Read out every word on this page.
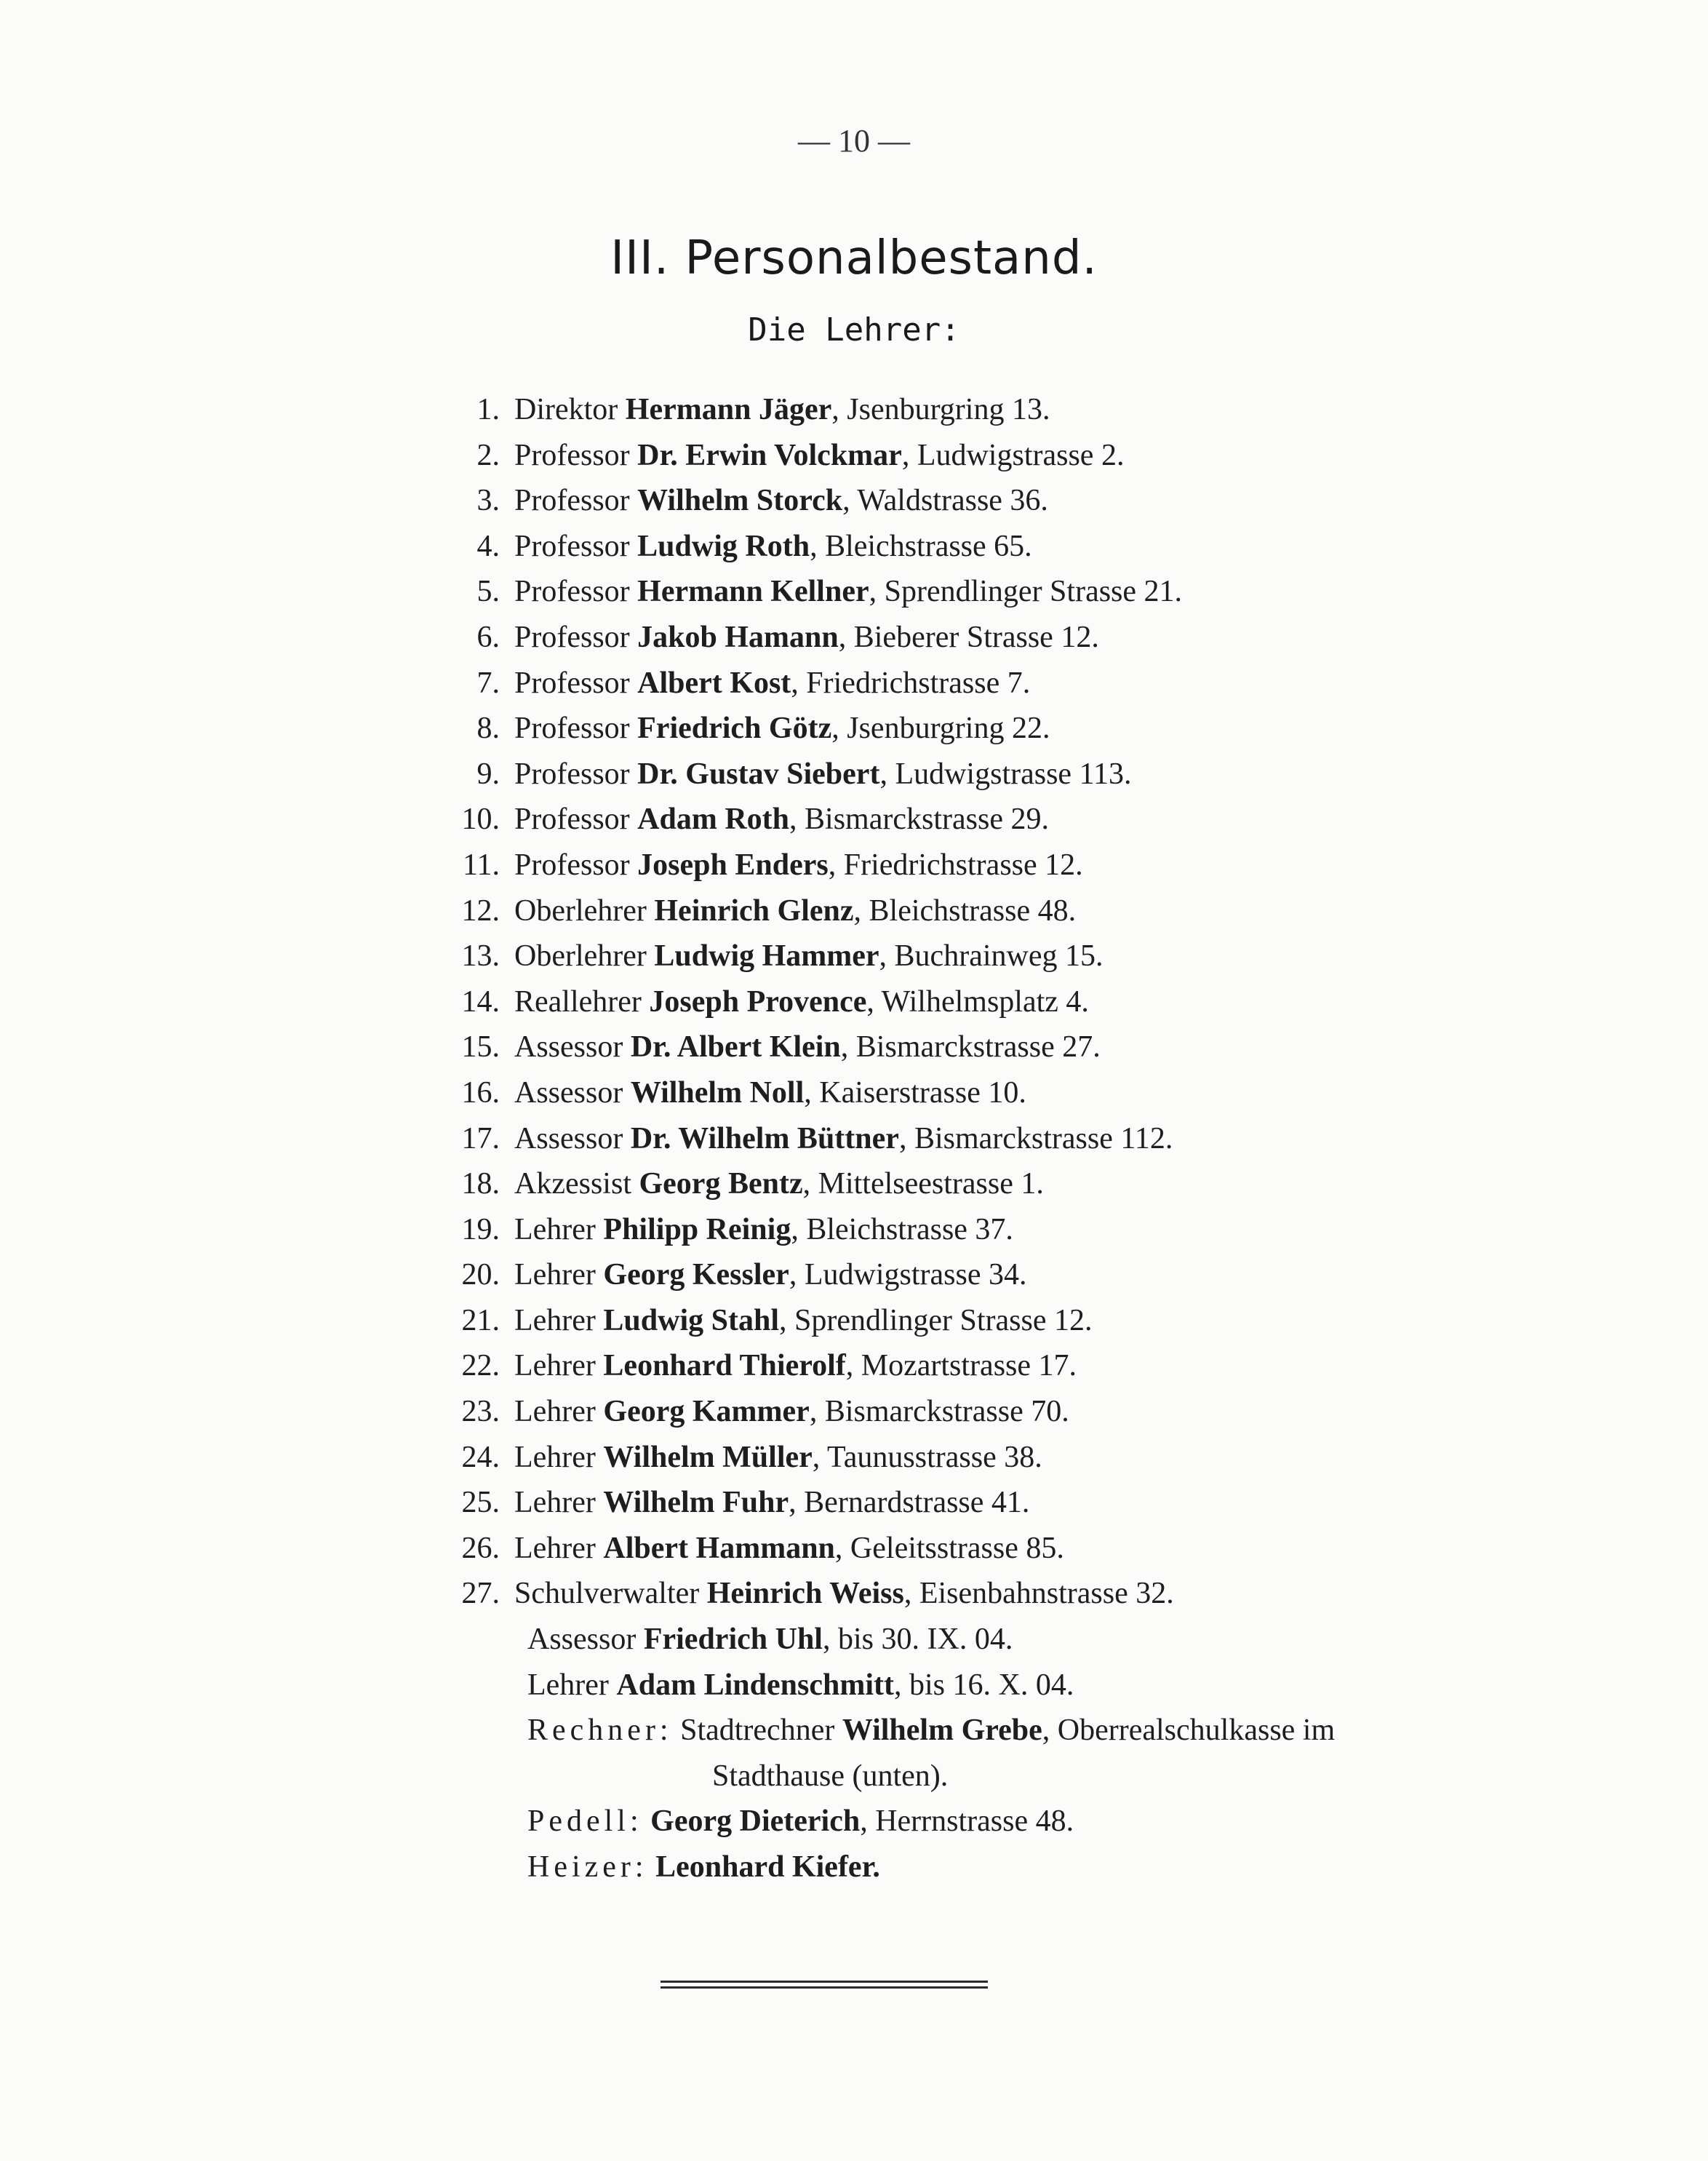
— 10 —
III. Personalbestand.
Die Lehrer:
1. Direktor Hermann Jäger, Jsenburgring 13.
2. Professor Dr. Erwin Volckmar, Ludwigstrasse 2.
3. Professor Wilhelm Storck, Waldstrasse 36.
4. Professor Ludwig Roth, Bleichstrasse 65.
5. Professor Hermann Kellner, Sprendlinger Strasse 21.
6. Professor Jakob Hamann, Bieberer Strasse 12.
7. Professor Albert Kost, Friedrichstrasse 7.
8. Professor Friedrich Götz, Jsenburgring 22.
9. Professor Dr. Gustav Siebert, Ludwigstrasse 113.
10. Professor Adam Roth, Bismarckstrasse 29.
11. Professor Joseph Enders, Friedrichstrasse 12.
12. Oberlehrer Heinrich Glenz, Bleichstrasse 48.
13. Oberlehrer Ludwig Hammer, Buchrainweg 15.
14. Reallehrer Joseph Provence, Wilhelmsplatz 4.
15. Assessor Dr. Albert Klein, Bismarckstrasse 27.
16. Assessor Wilhelm Noll, Kaiserstrasse 10.
17. Assessor Dr. Wilhelm Büttner, Bismarckstrasse 112.
18. Akzessist Georg Bentz, Mittelseestrasse 1.
19. Lehrer Philipp Reinig, Bleichstrasse 37.
20. Lehrer Georg Kessler, Ludwigstrasse 34.
21. Lehrer Ludwig Stahl, Sprendlinger Strasse 12.
22. Lehrer Leonhard Thierolf, Mozartstrasse 17.
23. Lehrer Georg Kammer, Bismarckstrasse 70.
24. Lehrer Wilhelm Müller, Taunusstrasse 38.
25. Lehrer Wilhelm Fuhr, Bernardstrasse 41.
26. Lehrer Albert Hammann, Geleitsstrasse 85.
27. Schulverwalter Heinrich Weiss, Eisenbahnstrasse 32.
Assessor Friedrich Uhl, bis 30. IX. 04.
Lehrer Adam Lindenschmitt, bis 16. X. 04.
Rechner: Stadtrechner Wilhelm Grebe, Oberrealschulkasse im
Stadthause (unten).
Pedell: Georg Dieterich, Herrnstrasse 48.
Heizer: Leonhard Kiefer.
